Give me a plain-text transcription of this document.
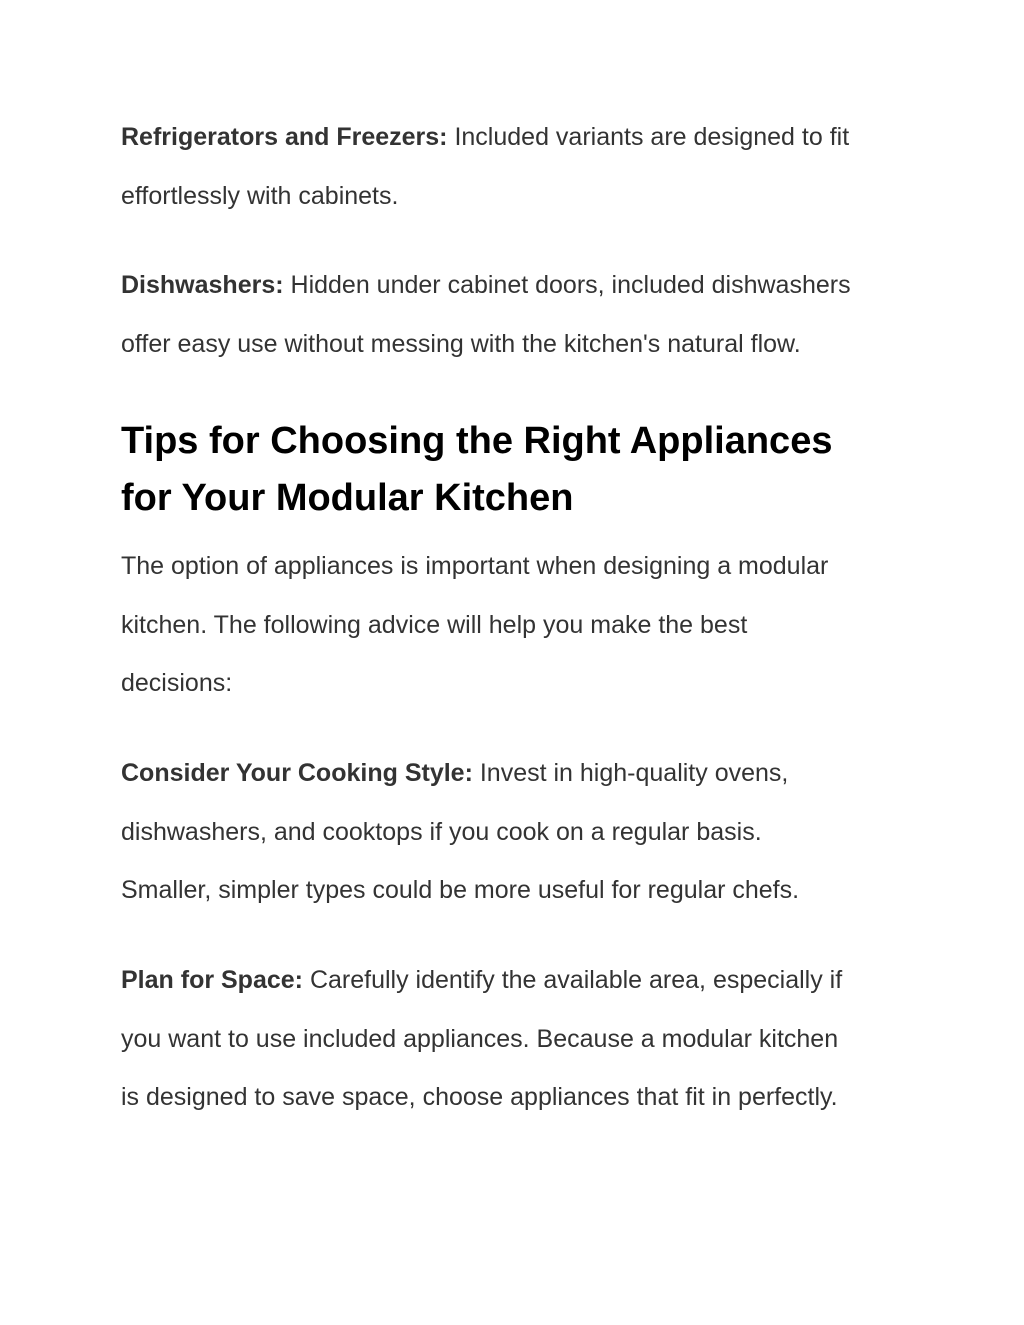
Refrigerators and Freezers: Included variants are designed to fit
effortlessly with cabinets.
Dishwashers: Hidden under cabinet doors, included dishwashers
offer easy use without messing with the kitchen's natural flow.
Tips for Choosing the Right Appliances
for Your Modular Kitchen
The option of appliances is important when designing a modular
kitchen. The following advice will help you make the best
decisions:
Consider Your Cooking Style: Invest in high-quality ovens,
dishwashers, and cooktops if you cook on a regular basis.
Smaller, simpler types could be more useful for regular chefs.
Plan for Space: Carefully identify the available area, especially if
you want to use included appliances. Because a modular kitchen
is designed to save space, choose appliances that fit in perfectly.
